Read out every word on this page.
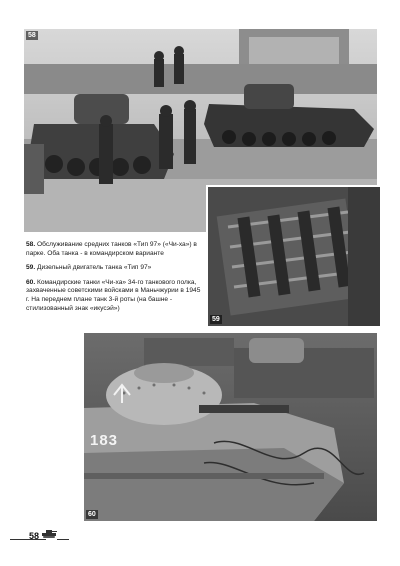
58
59

58. Обслуживание средних танков «Тип 97» («Чи-ха») в парке. Оба танка - в командирском варианте

59. Дизельный двигатель танка «Тип 97»

60. Командирские танки «Чи-ха» 34-го танкового полка, захваченные советскими войсками в Маньчжурии в 1945 г. На переднем плане танк 3-й роты (на башне - стилизованный знак «икусэй»)

183
60
58
